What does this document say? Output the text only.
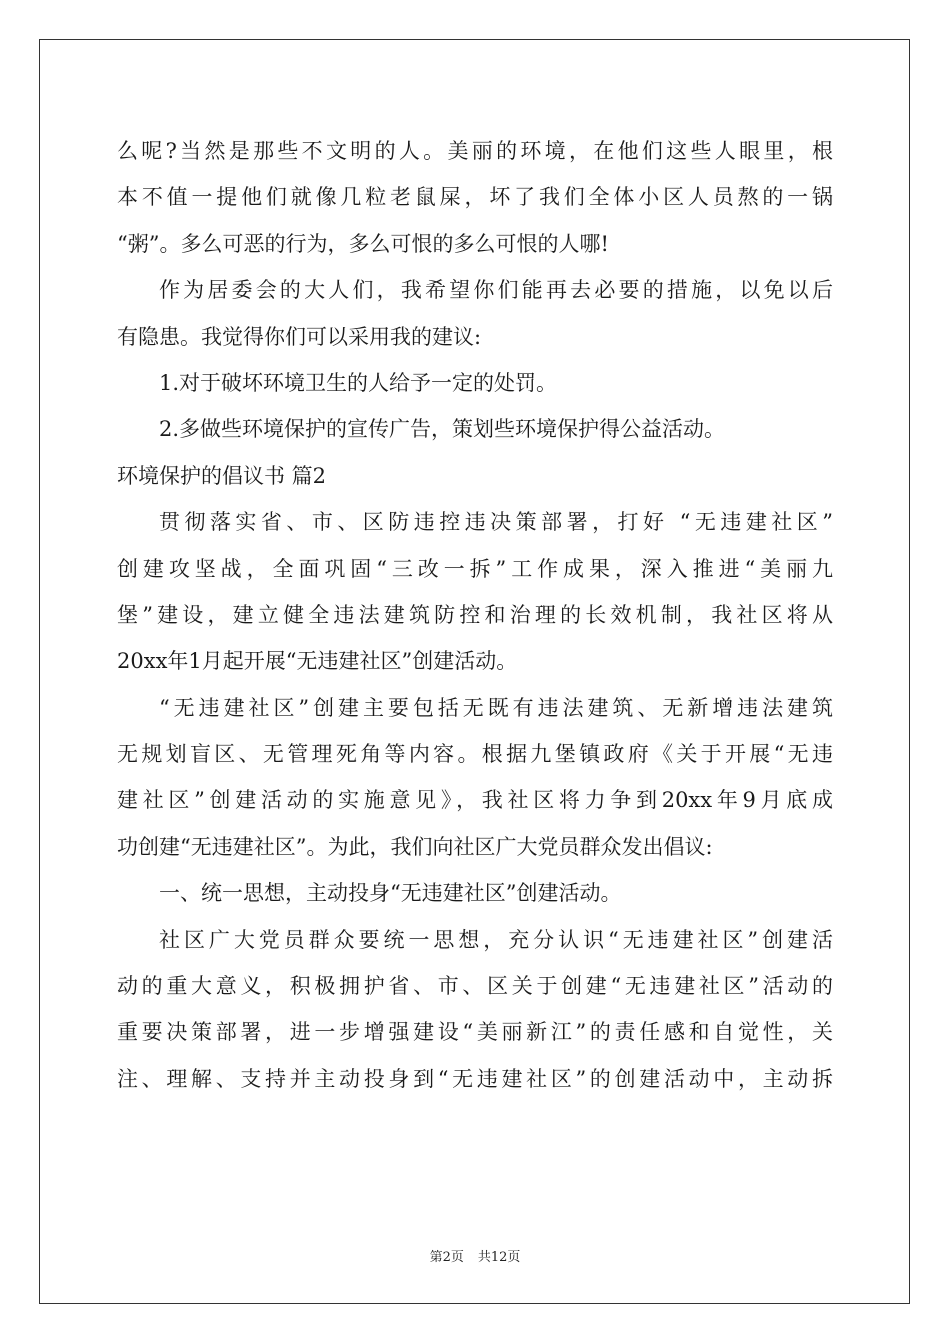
么呢?当然是那些不文明的人。美丽的环境，在他们这些人眼里，根
本不值一提他们就像几粒老鼠屎，坏了我们全体小区人员熬的一锅
“粥”。多么可恶的行为，多么可恨的多么可恨的人哪!
作为居委会的大人们，我希望你们能再去必要的措施，以免以后
有隐患。我觉得你们可以采用我的建议:
1.对于破坏环境卫生的人给予一定的处罚。
2.多做些环境保护的宣传广告，策划些环境保护得公益活动。
环境保护的倡议书 篇2
贯彻落实省、市、区防违控违决策部署，打好 “无违建社区”
创建攻坚战，全面巩固“三改一拆”工作成果，深入推进“美丽九
堡”建设，建立健全违法建筑防控和治理的长效机制，我社区将从
20xx年1月起开展“无违建社区”创建活动。
“无违建社区”创建主要包括无既有违法建筑、无新增违法建筑
无规划盲区、无管理死角等内容。根据九堡镇政府《关于开展“无违
建社区”创建活动的实施意见》，我社区将力争到20xx年9月底成
功创建“无违建社区”。为此，我们向社区广大党员群众发出倡议:
一、统一思想，主动投身“无违建社区”创建活动。
社区广大党员群众要统一思想，充分认识“无违建社区”创建活
动的重大意义，积极拥护省、市、区关于创建“无违建社区”活动的
重要决策部署，进一步增强建设“美丽新江”的责任感和自觉性，关
注、理解、支持并主动投身到“无违建社区”的创建活动中，主动拆
第2页 共12页
